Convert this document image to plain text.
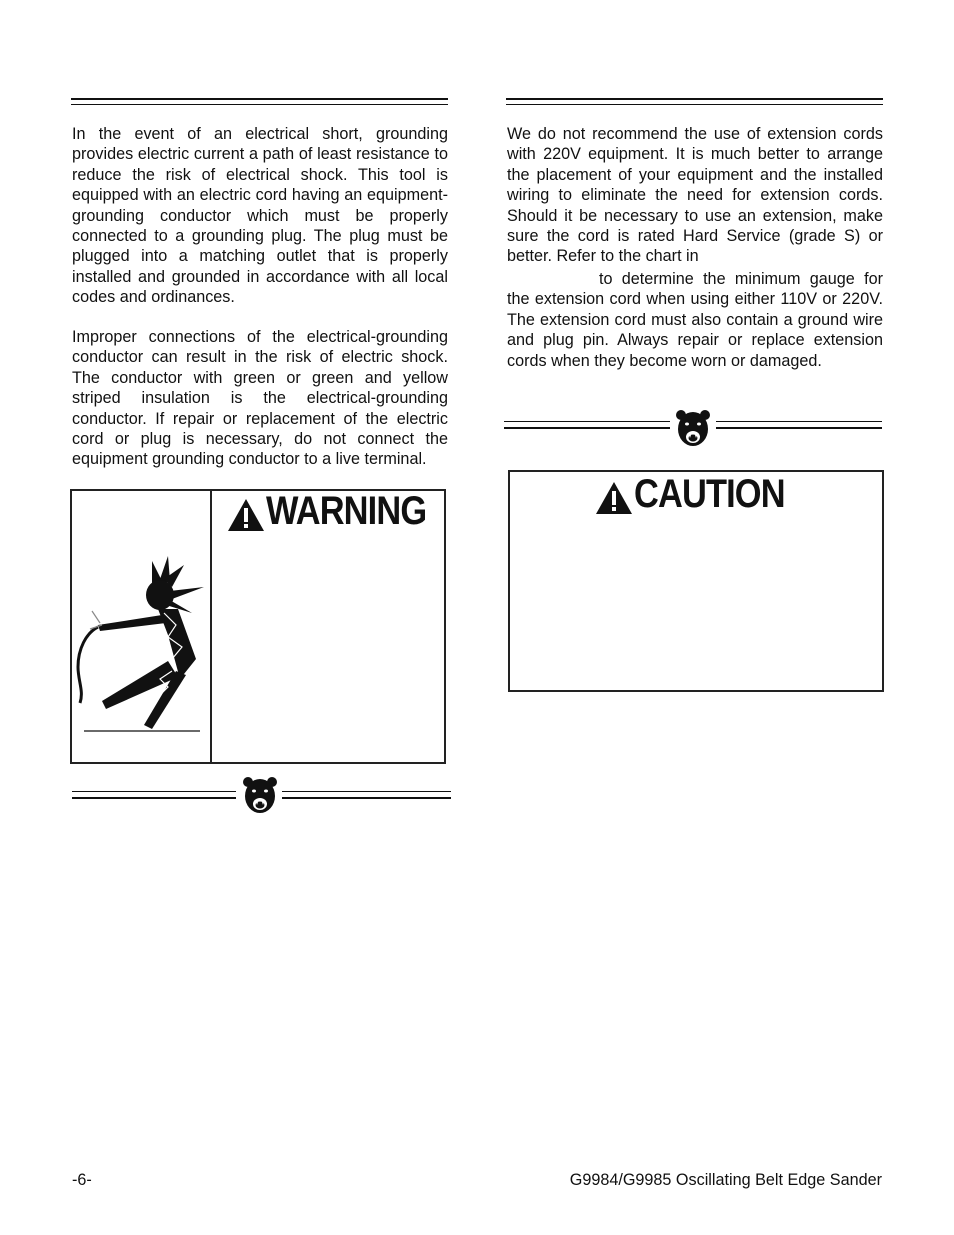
In the event of an electrical short, grounding provides electric current a path of least resistance to reduce the risk of electrical shock. This tool is equipped with an electric cord having an equipment-grounding conductor which must be properly connected to a grounding plug. The plug must be plugged into a matching outlet that is properly installed and grounded in accordance with all local codes and ordinances.

Improper connections of the electrical-grounding conductor can result in the risk of electric shock. The conductor with green or green and yellow striped insulation is the electrical-grounding conductor. If repair or replacement of the electric cord or plug is necessary, do not connect the equipment grounding conductor to a live terminal.

WARNING

We do not recommend the use of extension cords with 220V equipment. It is much better to arrange the placement of your equipment and the installed wiring to eliminate the need for extension cords. Should it be necessary to use an extension, make sure the cord is rated Hard Service (grade S) or better. Refer to the chart in

to determine the minimum gauge for the extension cord when using either 110V or 220V. The extension cord must also contain a ground wire and plug pin. Always repair or replace extension cords when they become worn or damaged.

CAUTION
-6-	G9984/G9985 Oscillating Belt Edge Sander
